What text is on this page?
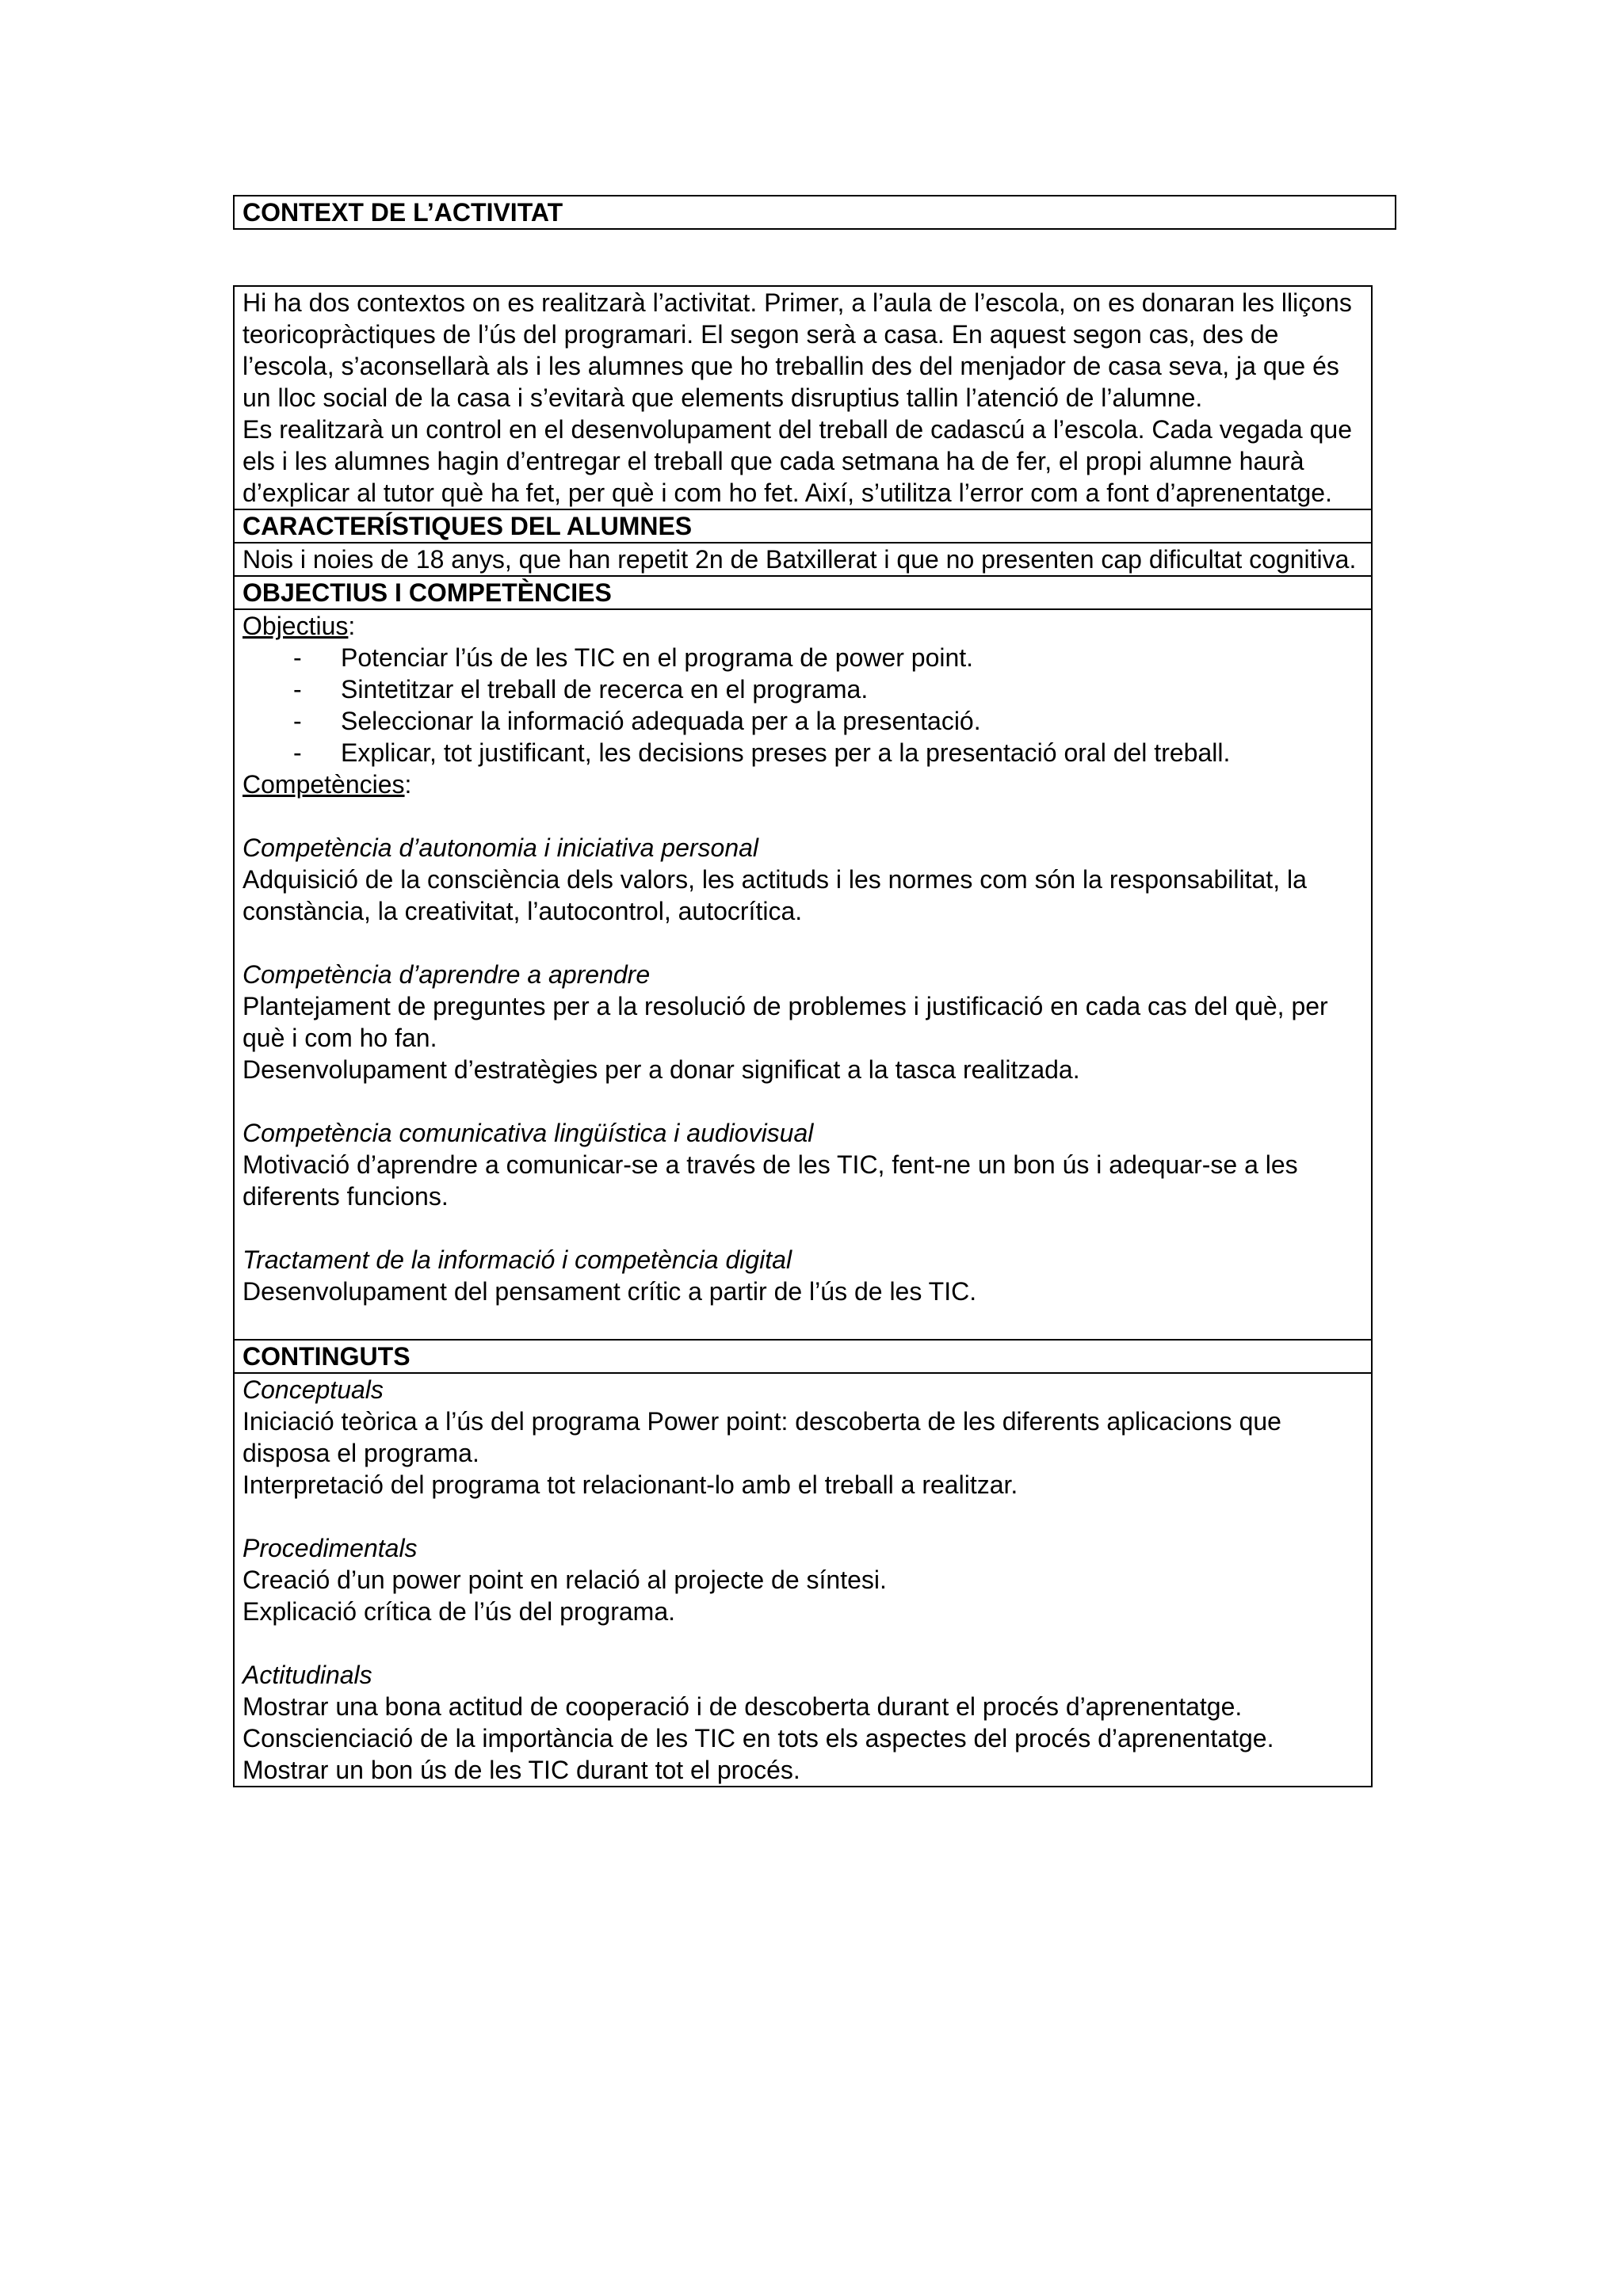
CONTEXT DE L’ACTIVITAT
Hi ha dos contextos on es realitzarà l’activitat. Primer, a l’aula de l’escola, on es donaran les lliçons teoricopràctiques de l’ús del programari. El segon serà a casa. En aquest segon cas, des de l’escola, s’aconsellarà als i les alumnes que ho treballin des del menjador de casa seva, ja que és un lloc social de la casa i s’evitarà que elements disruptius tallin l’atenció de l’alumne.
Es realitzarà un control en el desenvolupament del treball de cadascú a l’escola. Cada vegada que els i les alumnes hagin d’entregar el treball que cada setmana ha de fer, el propi alumne haurà d’explicar al tutor què ha fet, per què i com ho fet. Així, s’utilitza l’error com a font d’aprenentatge.

CARACTERÍSTIQUES DEL ALUMNES
Nois i noies de 18 anys, que han repetit 2n de Batxillerat i que no presenten cap dificultat cognitiva.
OBJECTIUS I COMPETÈNCIES

Objectius:
- Potenciar l’ús de les TIC en el programa de power point.
- Sintetitzar el treball de recerca en el programa.
- Seleccionar la informació adequada per a la presentació.
- Explicar, tot justificant, les decisions preses per a la presentació oral del treball.
Competències:
Competència d’autonomia i iniciativa personal
Adquisició de la consciència dels valors, les actituds i les normes com són la responsabilitat, la constància, la creativitat, l’autocontrol, autocrítica.
Competència d’aprendre a aprendre
Plantejament de preguntes per a la resolució de problemes i justificació en cada cas del què, per què i com ho fan.
Desenvolupament d’estratègies per a donar significat a la tasca realitzada.
Competència comunicativa lingüística i audiovisual
Motivació d’aprendre a comunicar-se a través de les TIC, fent-ne un bon ús i adequar-se a les diferents funcions.
Tractament de la informació i competència digital
Desenvolupament del pensament crític a partir de l’ús de les TIC.

CONTINGUTS

Conceptuals
Iniciació teòrica a l’ús del programa Power point: descoberta de les diferents aplicacions que disposa el programa.
Interpretació del programa tot relacionant-lo amb el treball a realitzar.
Procedimentals
Creació d’un power point en relació al projecte de síntesi.
Explicació crítica de l’ús del programa.
Actitudinals
Mostrar una bona actitud de cooperació i de descoberta durant el procés d’aprenentatge.
Conscienciació de la importància de les TIC en tots els aspectes del procés d’aprenentatge.
Mostrar un bon ús de les TIC durant tot el procés.
